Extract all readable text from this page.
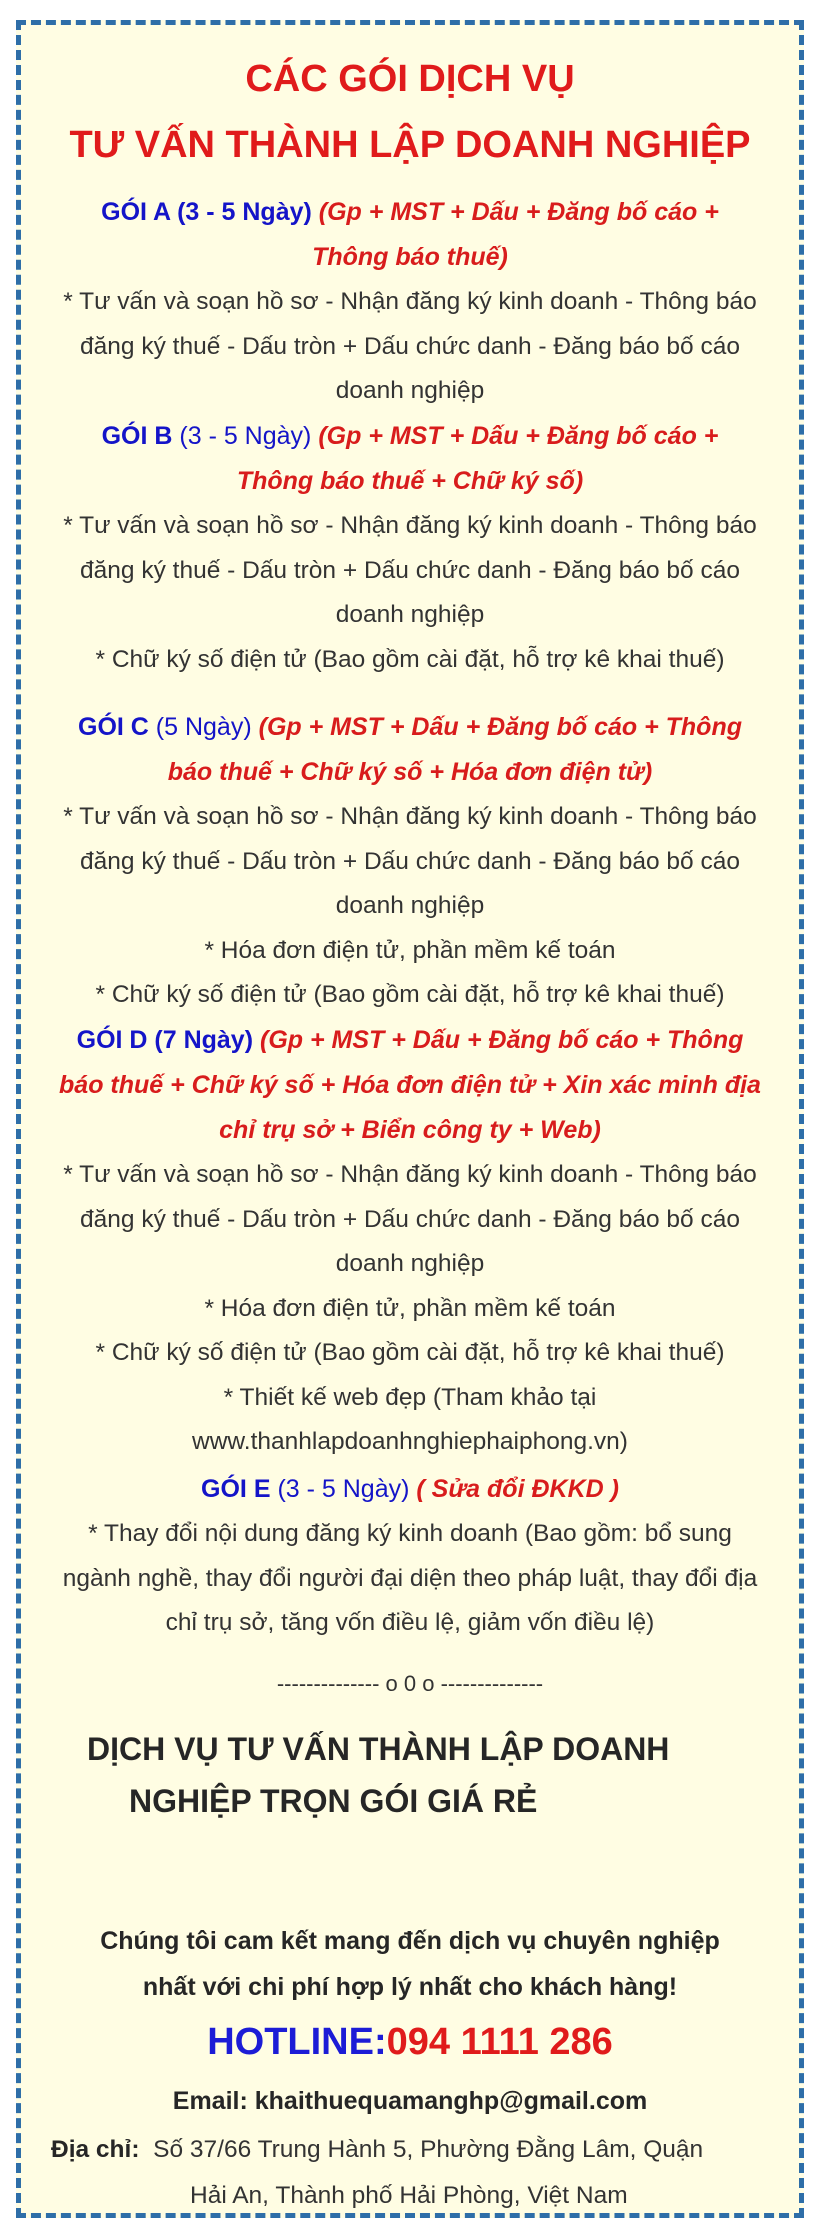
CÁC GÓI DỊCH VỤ

TƯ VẤN THÀNH LẬP DOANH NGHIỆP

GÓI A (3 - 5 Ngày) (Gp + MST + Dấu + Đăng bố cáo +

Thông báo thuế)

* Tư vấn và soạn hồ sơ - Nhận đăng ký kinh doanh - Thông báo

đăng ký thuế - Dấu tròn + Dấu chức danh - Đăng báo bố cáo

doanh nghiệp

GÓI B (3 - 5 Ngày) (Gp + MST + Dấu + Đăng bố cáo +

Thông báo thuế + Chữ ký số)

* Tư vấn và soạn hồ sơ - Nhận đăng ký kinh doanh - Thông báo

đăng ký thuế - Dấu tròn + Dấu chức danh - Đăng báo bố cáo

doanh nghiệp

* Chữ ký số điện tử (Bao gồm cài đặt, hỗ trợ kê khai thuế)

GÓI C (5 Ngày) (Gp + MST + Dấu + Đăng bố cáo + Thông

báo thuế + Chữ ký số + Hóa đơn điện tử)

* Tư vấn và soạn hồ sơ - Nhận đăng ký kinh doanh - Thông báo

đăng ký thuế - Dấu tròn + Dấu chức danh - Đăng báo bố cáo

doanh nghiệp

* Hóa đơn điện tử, phần mềm kế toán

* Chữ ký số điện tử (Bao gồm cài đặt, hỗ trợ kê khai thuế)

GÓI D (7 Ngày) (Gp + MST + Dấu + Đăng bố cáo + Thông

báo thuế + Chữ ký số + Hóa đơn điện tử + Xin xác minh địa

chỉ trụ sở + Biển công ty + Web)

* Tư vấn và soạn hồ sơ - Nhận đăng ký kinh doanh - Thông báo

đăng ký thuế - Dấu tròn + Dấu chức danh - Đăng báo bố cáo

doanh nghiệp

* Hóa đơn điện tử, phần mềm kế toán

* Chữ ký số điện tử (Bao gồm cài đặt, hỗ trợ kê khai thuế)

* Thiết kế web đẹp (Tham khảo tại

www.thanhlapdoanhnghiephaiphong.vn)

GÓI E (3 - 5 Ngày) ( Sửa đổi ĐKKD )

* Thay đổi nội dung đăng ký kinh doanh (Bao gồm: bổ sung

ngành nghề, thay đổi người đại diện theo pháp luật, thay đổi địa

chỉ trụ sở, tăng vốn điều lệ, giảm vốn điều lệ)

-------------- o 0 o --------------

DỊCH VỤ TƯ VẤN THÀNH LẬP DOANH

NGHIỆP TRỌN GÓI GIÁ RẺ

Chúng tôi cam kết mang đến dịch vụ chuyên nghiệp

nhất với chi phí hợp lý nhất cho khách hàng!

HOTLINE:094 1111 286

Email: khaithuequamanghp@gmail.com

Địa chỉ: Số 37/66 Trung Hành 5, Phường Đằng Lâm, Quận

Hải An, Thành phố Hải Phòng, Việt Nam
